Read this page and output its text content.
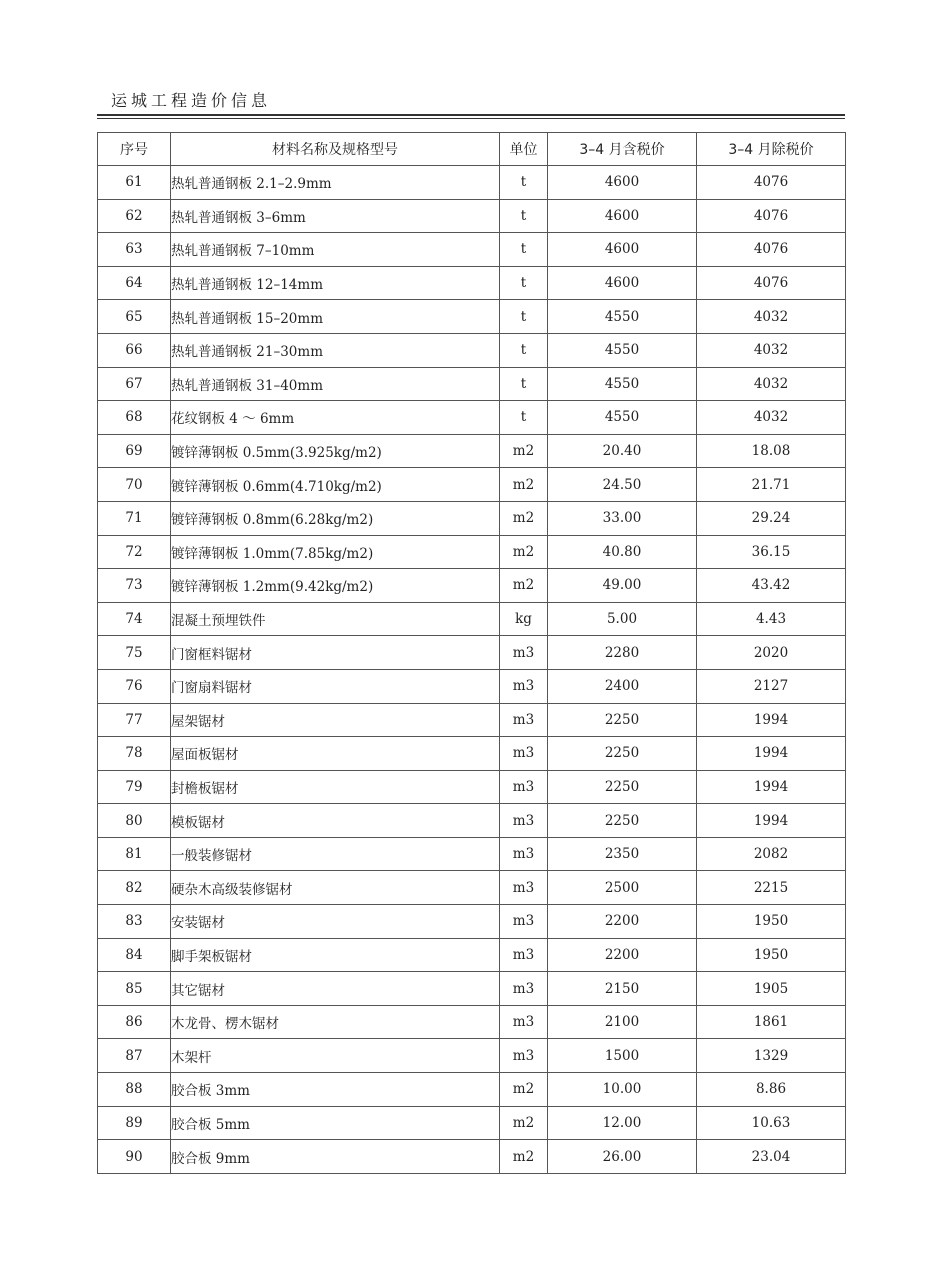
运城工程造价信息
序号	材料名称及规格型号	单位	3–4 月含税价	3–4 月除税价
61	热轧普通钢板 2.1–2.9mm	t	4600	4076
62	热轧普通钢板 3–6mm	t	4600	4076
63	热轧普通钢板 7–10mm	t	4600	4076
64	热轧普通钢板 12–14mm	t	4600	4076
65	热轧普通钢板 15–20mm	t	4550	4032
66	热轧普通钢板 21–30mm	t	4550	4032
67	热轧普通钢板 31–40mm	t	4550	4032
68	花纹钢板 4 ～ 6mm	t	4550	4032
69	镀锌薄钢板 0.5mm(3.925kg/m2)	m2	20.40	18.08
70	镀锌薄钢板 0.6mm(4.710kg/m2)	m2	24.50	21.71
71	镀锌薄钢板 0.8mm(6.28kg/m2)	m2	33.00	29.24
72	镀锌薄钢板 1.0mm(7.85kg/m2)	m2	40.80	36.15
73	镀锌薄钢板 1.2mm(9.42kg/m2)	m2	49.00	43.42
74	混凝土预埋铁件	kg	5.00	4.43
75	门窗框料锯材	m3	2280	2020
76	门窗扇料锯材	m3	2400	2127
77	屋架锯材	m3	2250	1994
78	屋面板锯材	m3	2250	1994
79	封檐板锯材	m3	2250	1994
80	模板锯材	m3	2250	1994
81	一般装修锯材	m3	2350	2082
82	硬杂木高级装修锯材	m3	2500	2215
83	安装锯材	m3	2200	1950
84	脚手架板锯材	m3	2200	1950
85	其它锯材	m3	2150	1905
86	木龙骨、楞木锯材	m3	2100	1861
87	木架杆	m3	1500	1329
88	胶合板 3mm	m2	10.00	8.86
89	胶合板 5mm	m2	12.00	10.63
90	胶合板 9mm	m2	26.00	23.04
